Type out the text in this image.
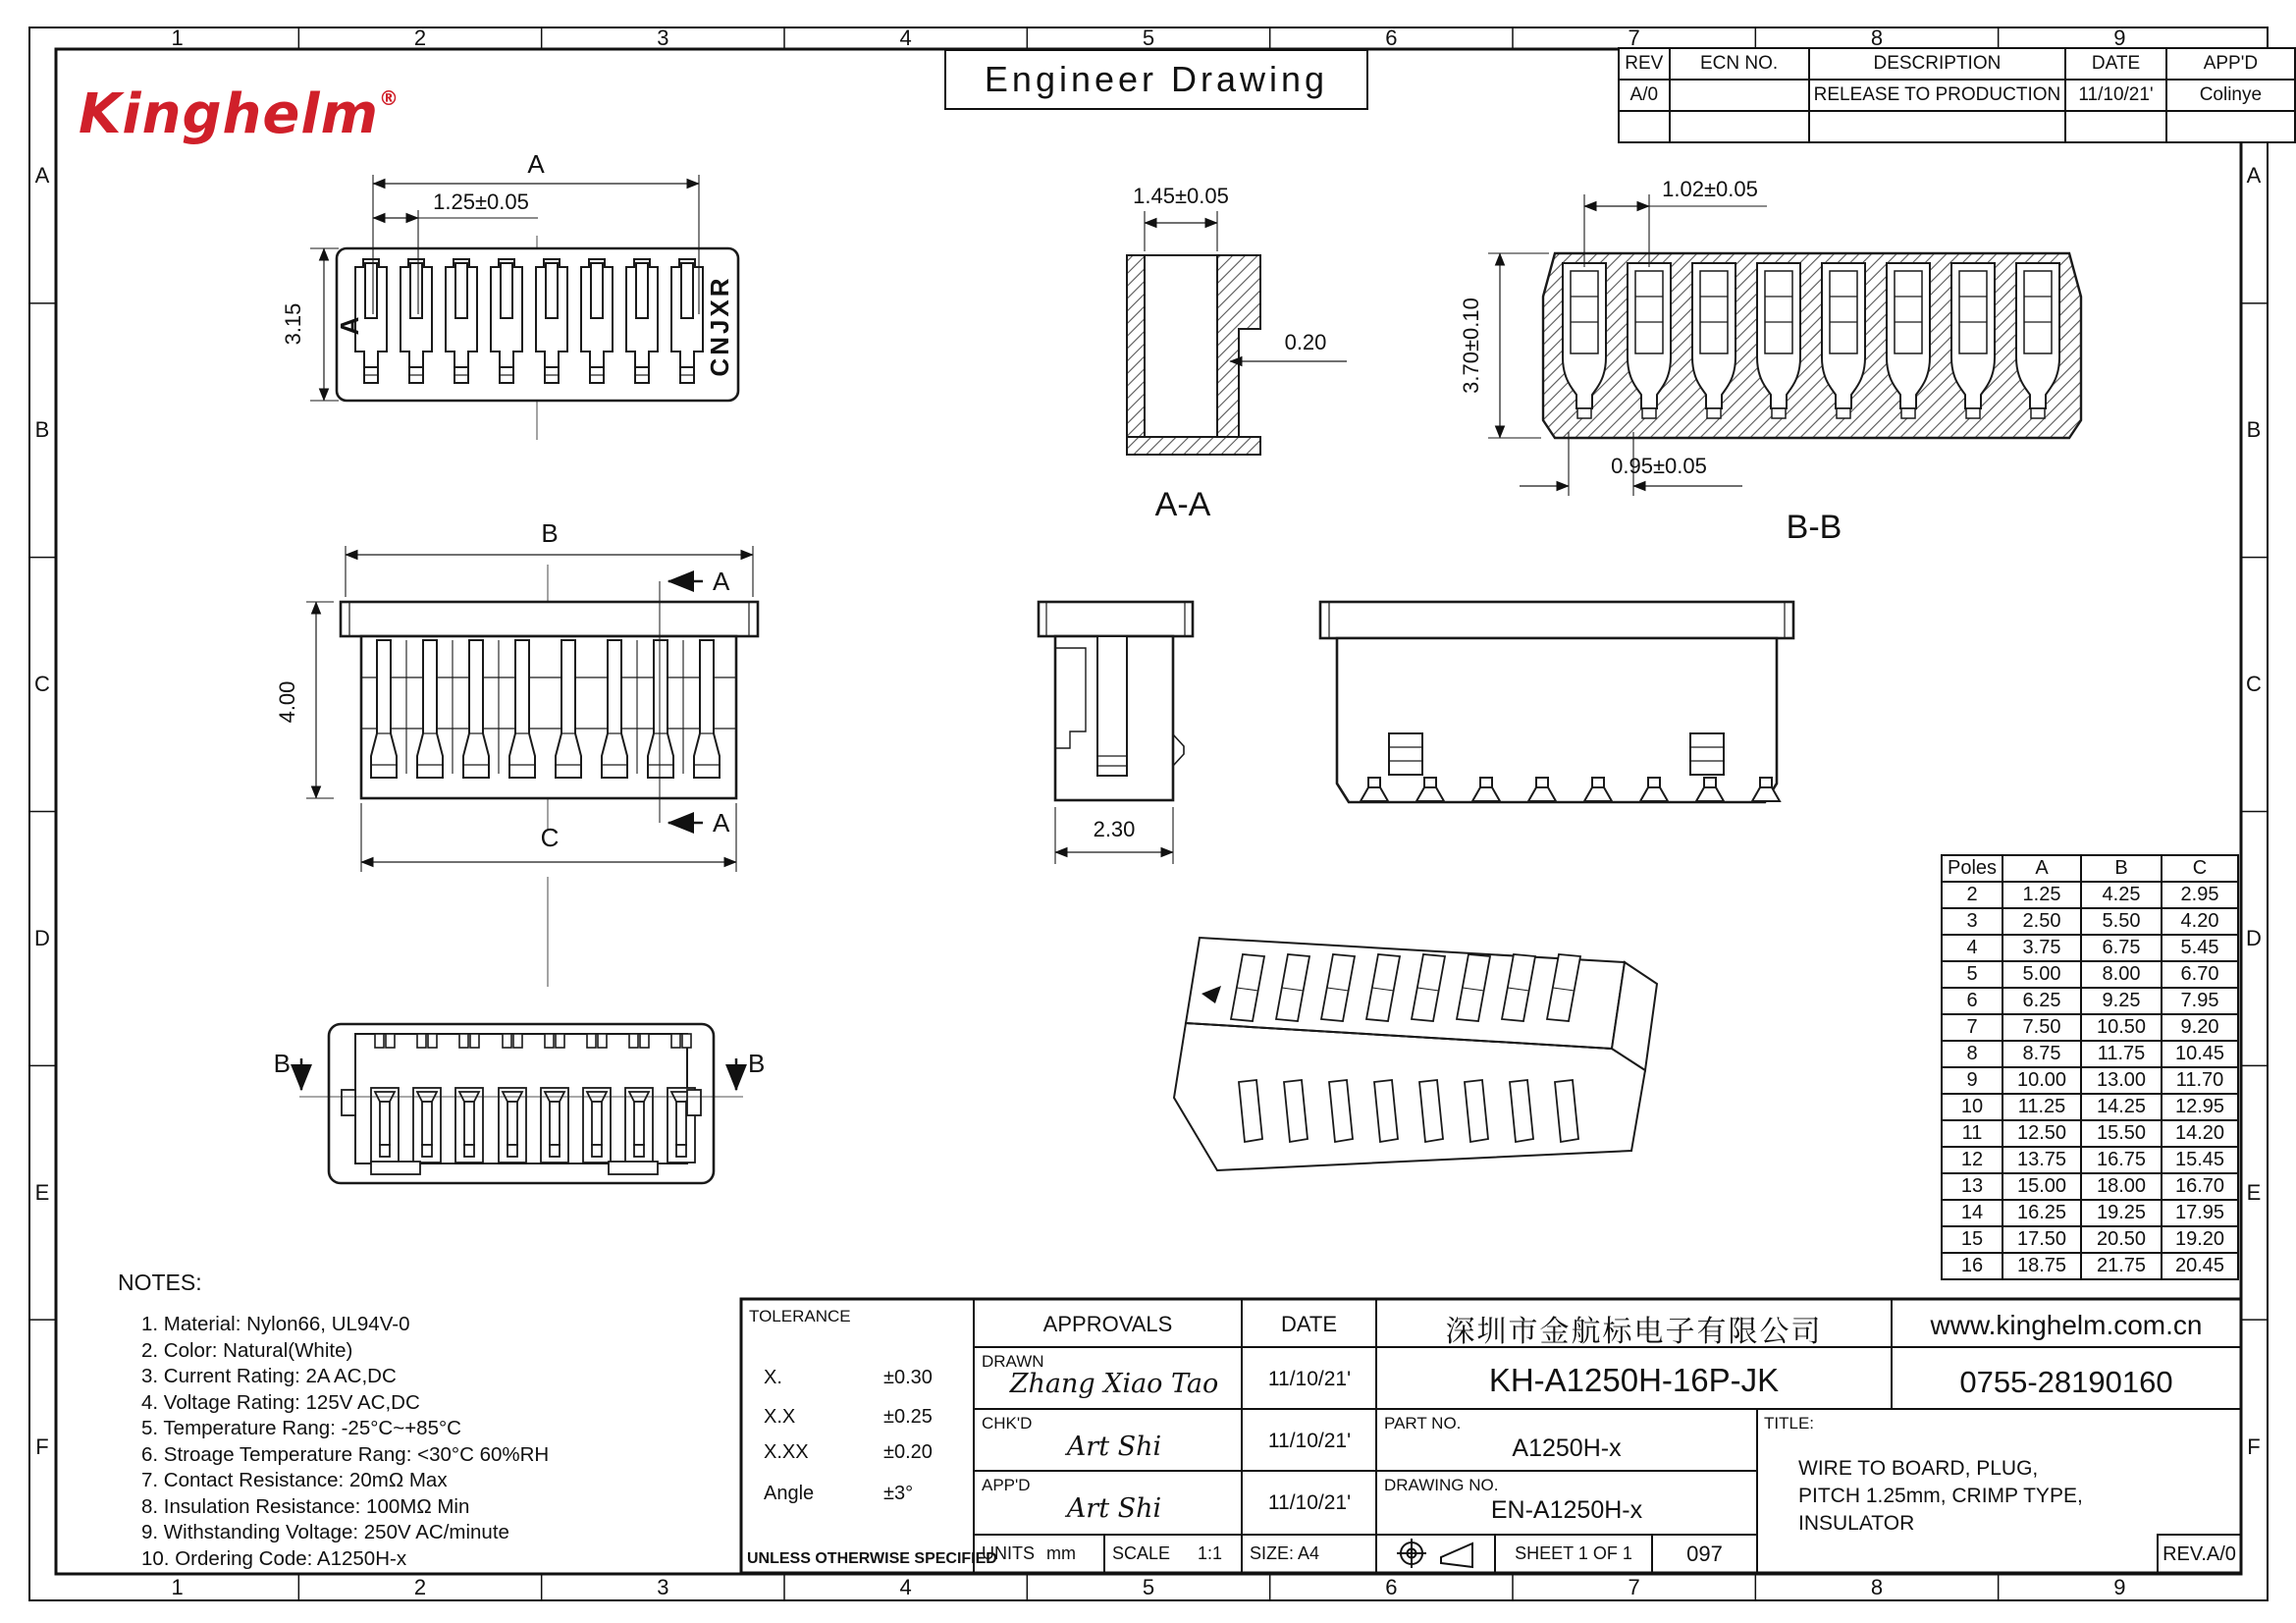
A	CNJXR
A
1.25±0.05
3.15
1.45±0.05
0.20
A-A
1.02±0.05
3.70±0.10
0.95±0.05
B-B
B
4.00
C
A
A	2.30
B	B
Kinghelm®	Engineer Drawing	REV	ECN NO.	DESCRIPTION	DATE	APP'D
A/0		RELEASE TO PRODUCTION	11/10/21'	Colinye

Poles	A	B	C
2	1.25	4.25	2.95
3	2.50	5.50	4.20
4	3.75	6.75	5.45
5	5.00	8.00	6.70
6	6.25	9.25	7.95
7	7.50	10.50	9.20
8	8.75	11.75	10.45
9	10.00	13.00	11.70
10	11.25	14.25	12.95
11	12.50	15.50	14.20
12	13.75	16.75	15.45
13	15.00	18.00	16.70
14	16.25	19.25	17.95
15	17.50	20.50	19.20
16	18.75	21.75	20.45
NOTES:
1. Material: Nylon66, UL94V-0
2. Color: Natural(White)
3. Current Rating: 2A AC,DC
4. Voltage Rating: 125V AC,DC
5. Temperature Rang: -25°C~+85°C
6. Stroage Temperature Rang: <30°C 60%RH
7. Contact Resistance: 20mΩ Max
8. Insulation Resistance: 100MΩ Min
9. Withstanding Voltage: 250V AC/minute
10. Ordering Code: A1250H-x
TOLERANCE
X.	±0.30
X.X	±0.25
X.XX	±0.20
Angle	±3°
UNLESS OTHERWISE SPECIFIED
APPROVALS	DATE
DRAWN
Zhang Xiao Tao	11/10/21'
CHK'D
Art Shi	11/10/21'
APP'D
Art Shi	11/10/21'
深圳市金航标电子有限公司	www.kinghelm.com.cn
KH-A1250H-16P-JK	0755-28190160
PART NO.
A1250H-x
DRAWING NO.
EN-A1250H-x
TITLE:
WIRE TO BOARD, PLUG,
PITCH 1.25mm, CRIMP TYPE,
INSULATOR
UNITS mm SCALE 1:1 SIZE: A4	SHEET 1 OF 1	097	REV.A/0
1
1
2
2
3
3
4
4
5
5
6
6
7
7
8
8
9
9
A	A
B	B
C	C
D	D
E	E
F	F
